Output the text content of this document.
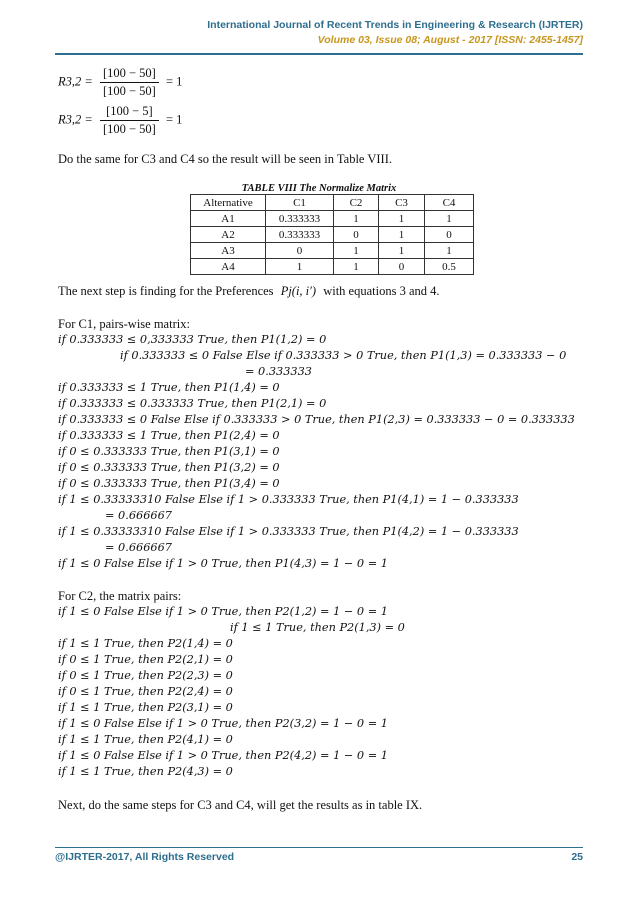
International Journal of Recent Trends in Engineering & Research (IJRTER)
Volume 03, Issue 08; August - 2017 [ISSN: 2455-1457]
$R3,2 = \frac{[100 - 50]}{[100 - 50]} = 1$
$R3,2 = \frac{[100 - 5]}{[100 - 50]} = 1$
Do the same for C3 and C4 so the result will be seen in Table VIII.
TABLE VIII The Normalize Matrix
Alternative	C1	C2	C3	C4
A1	0.333333	1	1	1
A2	0.333333	0	1	0
A3	0	1	1	1
A4	1	1	0	0.5
The next step is finding for the Preferences Pj(i, i′) with equations 3 and 4.
For C1, pairs-wise matrix:
if 0.333333 ≤ 0,333333 True, then P1(1,2) = 0
if 0.333333 ≤ 0 False Else if 0.333333 > 0 True, then P1(1,3) = 0.333333 − 0
= 0.333333
if 0.333333 ≤ 1 True, then P1(1,4) = 0
if 0.333333 ≤ 0.333333 True, then P1(2,1) = 0
if 0.333333 ≤ 0 False Else if 0.333333 > 0 True, then P1(2,3) = 0.333333 − 0 = 0.333333
if 0.333333 ≤ 1 True, then P1(2,4) = 0
if 0 ≤ 0.333333 True, then P1(3,1) = 0
if 0 ≤ 0.333333 True, then P1(3,2) = 0
if 0 ≤ 0.333333 True, then P1(3,4) = 0
if 1 ≤ 0.33333310 False Else if 1 > 0.333333 True, then P1(4,1) = 1 − 0.333333
= 0.666667
if 1 ≤ 0.33333310 False Else if 1 > 0.333333 True, then P1(4,2) = 1 − 0.333333
= 0.666667
if 1 ≤ 0 False Else if 1 > 0 True, then P1(4,3) = 1 − 0 = 1
For C2, the matrix pairs:
if 1 ≤ 0 False Else if 1 > 0 True, then P2(1,2) = 1 − 0 = 1
if 1 ≤ 1 True, then P2(1,3) = 0
if 1 ≤ 1 True, then P2(1,4) = 0
if 0 ≤ 1 True, then P2(2,1) = 0
if 0 ≤ 1 True, then P2(2,3) = 0
if 0 ≤ 1 True, then P2(2,4) = 0
if 1 ≤ 1 True, then P2(3,1) = 0
if 1 ≤ 0 False Else if 1 > 0 True, then P2(3,2) = 1 − 0 = 1
if 1 ≤ 1 True, then P2(4,1) = 0
if 1 ≤ 0 False Else if 1 > 0 True, then P2(4,2) = 1 − 0 = 1
if 1 ≤ 1 True, then P2(4,3) = 0
Next, do the same steps for C3 and C4, will get the results as in table IX.
@IJRTER-2017, All Rights Reserved	25
